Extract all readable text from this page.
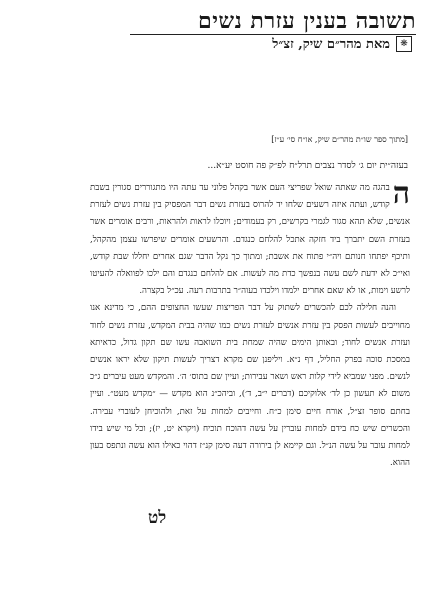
תשובה בענין עזרת נשים
❋
מאת מהר״ם שיק, זצ״ל
[מתוך ספר שו״ת מהר״ם שיק, או״ח סי׳ ע״ז]
בעזה״ית יום ג׳ לסדר נצבים תרל״ח לפ״ק פה חוסט יע״א...

ה
בהגה מה שאתה שואל שפריצי העם אשר בקהל פלוני עד עתה היו מתגוררים סגורין בשבת קודש, ועתה איזה רשעים שלחו יד להרוס בעזרת נשים דבר המפסיק בין עזרת נשים לעזרת אנשים, שלא תהא סגור לגמרי בקרשים, רק בעמודים; ויוכלו לראות ולהראות, ורבים אומרים אשר בעזרת השם יתברך ביד חזקה אתכל להלחם כנגדם. והרשעים אומרים שיפרשו עצמן מהקהל, ותיכף יפתחו חנותם ויה״י פתוח את אשבת; ומתוך כך נקל הדבר שגם אחרים יחללו שבת קודש, ואי״כ לא ידעת לשם עשה בנפשך כדת מה לעשות. אם להלחם כנגדם והם ילכו לפוואלה להעיטו לרשע וימות, או לא שאם אחרים ילמדו וילכדו בעוה״ר בתרבות רעה. עכ״ל בקצרה.

והנה חלילה לכם להכשרים לשתוק על דבר הפריצות שעשו החצופים ההם, כי מדינא אנו מחוייבים לעשות הפסק בין עזרת אנשים לעזרת נשים כמו שהיה בבית המקדש, עזרת נשים לחוד ועזרת אנשים לחוד; ובאותן הימים שהיה שמחת בית השואבה עשו שם תקון גדול, כדאיתא במסכת סוכה בפרק החליל, דף נ״א. ויליפנן שם מקרא דצריך לעשות תיקון שלא יראו אנשים לנשים. מפני שמביא לידי קלות ראש ושאר עבירות; ועיין שם בתוס׳ ה׳. והמקדש מעט עיברים ג״כ משום לא תעשון כן לד׳ אלוקיכם (דברים י״ב, ד׳), וביהכ״נ הוא מקדש — ״מקדש מעט״. ועיין בחתם סופר זצ״ל, אורח חיים סימן כ״ח. וחייבים למחות על זאת, ולהוכיחן לעוברי עבירה. והכשרים שיש כח בידם למחות עוברין על עשה דהוכח תוכיח (ויקרא יט, יז); וכל מי שיש בידו למחות עובר על עשה הנ״ל. וגם קיימא לן בירורה דעה סימן קנ״ז דהוי כאילו הוא עשה ונתפס בעון ההוא.

לט
